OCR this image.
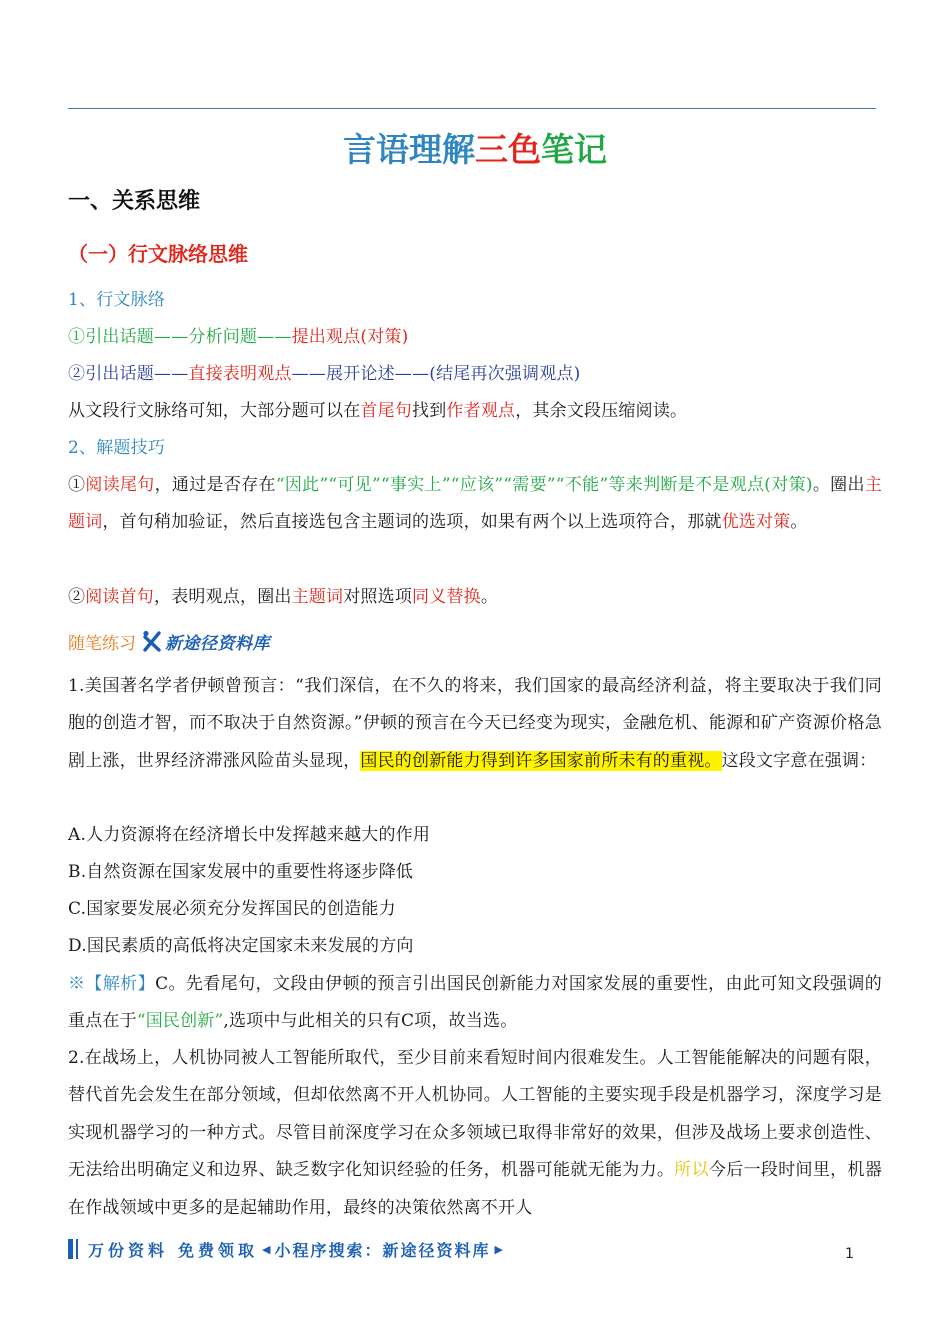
言语理解三色笔记
一、关系思维
（一）行文脉络思维
1、行文脉络
①引出话题——分析问题——提出观点(对策)
②引出话题——直接表明观点——展开论述——(结尾再次强调观点)
从文段行文脉络可知，大部分题可以在首尾句找到作者观点，其余文段压缩阅读。
2、解题技巧
①阅读尾句，通过是否存在“因此”“可见”“事实上”“应该”“需要”“不能”等来判断是不是观点(对策)。圈出主题词，首句稍加验证，然后直接选包含主题词的选项，如果有两个以上选项符合，那就优选对策。
②阅读首句，表明观点，圈出主题词对照选项同义替换。
随笔练习 新途径资料库
1.美国著名学者伊顿曾预言：“我们深信，在不久的将来，我们国家的最高经济利益，将主要取决于我们同胞的创造才智，而不取决于自然资源。”伊顿的预言在今天已经变为现实，金融危机、能源和矿产资源价格急剧上涨，世界经济滞涨风险苗头显现，国民的创新能力得到许多国家前所未有的重视。这段文字意在强调：
A.人力资源将在经济增长中发挥越来越大的作用
B.自然资源在国家发展中的重要性将逐步降低
C.国家要发展必须充分发挥国民的创造能力
D.国民素质的高低将决定国家未来发展的方向
※【解析】C。先看尾句，文段由伊顿的预言引出国民创新能力对国家发展的重要性，由此可知文段强调的重点在于“国民创新”,选项中与此相关的只有C项，故当选。
2.在战场上，人机协同被人工智能所取代，至少目前来看短时间内很难发生。人工智能能解决的问题有限，替代首先会发生在部分领域，但却依然离不开人机协同。人工智能的主要实现手段是机器学习，深度学习是实现机器学习的一种方式。尽管目前深度学习在众多领域已取得非常好的效果，但涉及战场上要求创造性、无法给出明确定义和边界、缺乏数字化知识经验的任务，机器可能就无能为力。所以今后一段时间里，机器在作战领域中更多的是起辅助作用，最终的决策依然离不开人
万份资料 免费领取 ◀ 小程序搜索：新途径资料库 ▶	1
